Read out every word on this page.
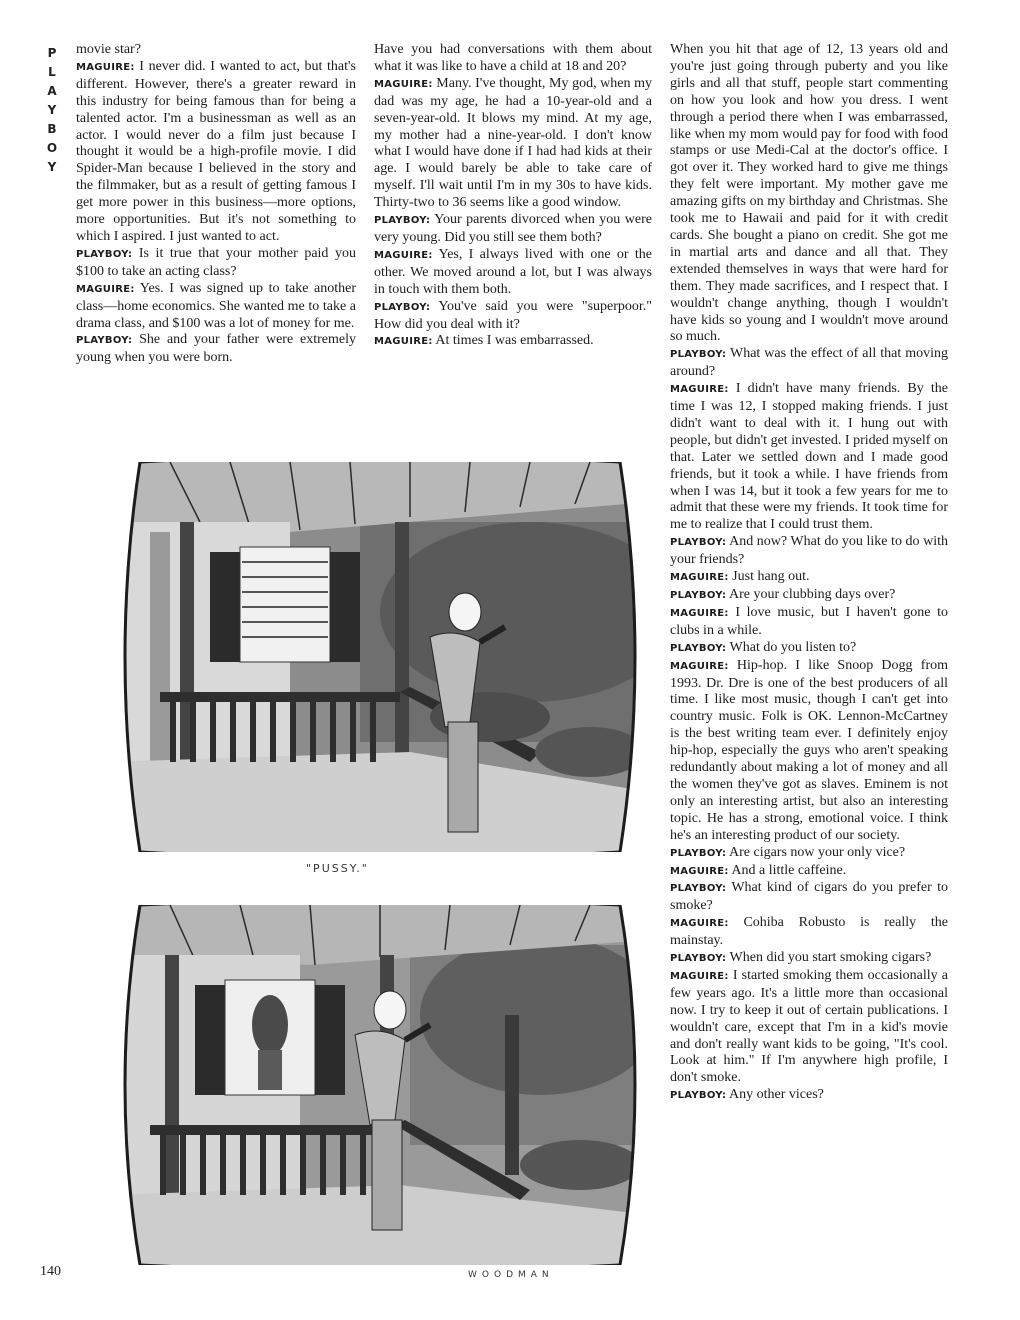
P
L
A
Y
B
O
Y

movie star?

MAGUIRE: I never did. I wanted to act, but that's different. However, there's a greater reward in this industry for being famous than for being a talented actor. I'm a businessman as well as an actor. I would never do a film just because I thought it would be a high-profile movie. I did Spider-Man because I believed in the story and the filmmaker, but as a result of getting famous I get more power in this business—more options, more opportunities. But it's not something to which I aspired. I just wanted to act.

PLAYBOY: Is it true that your mother paid you $100 to take an acting class?

MAGUIRE: Yes. I was signed up to take another class—home economics. She wanted me to take a drama class, and $100 was a lot of money for me.

PLAYBOY: She and your father were extremely young when you were born.

Have you had conversations with them about what it was like to have a child at 18 and 20?

MAGUIRE: Many. I've thought, My god, when my dad was my age, he had a 10-year-old and a seven-year-old. It blows my mind. At my age, my mother had a nine-year-old. I don't know what I would have done if I had had kids at their age. I would barely be able to take care of myself. I'll wait until I'm in my 30s to have kids. Thirty-two to 36 seems like a good window.

PLAYBOY: Your parents divorced when you were very young. Did you still see them both?

MAGUIRE: Yes, I always lived with one or the other. We moved around a lot, but I was always in touch with them both.

PLAYBOY: You've said you were "superpoor." How did you deal with it?

MAGUIRE: At times I was embarrassed.

When you hit that age of 12, 13 years old and you're just going through puberty and you like girls and all that stuff, people start commenting on how you look and how you dress. I went through a period there when I was embarrassed, like when my mom would pay for food with food stamps or use Medi-Cal at the doctor's office. I got over it. They worked hard to give me things they felt were important. My mother gave me amazing gifts on my birthday and Christmas. She took me to Hawaii and paid for it with credit cards. She bought a piano on credit. She got me in martial arts and dance and all that. They extended themselves in ways that were hard for them. They made sacrifices, and I respect that. I wouldn't change anything, though I wouldn't have kids so young and I wouldn't move around so much.

PLAYBOY: What was the effect of all that moving around?

MAGUIRE: I didn't have many friends. By the time I was 12, I stopped making friends. I just didn't want to deal with it. I hung out with people, but didn't get invested. I prided myself on that. Later we settled down and I made good friends, but it took a while. I have friends from when I was 14, but it took a few years for me to admit that these were my friends. It took time for me to realize that I could trust them.

PLAYBOY: And now? What do you like to do with your friends?

MAGUIRE: Just hang out.

PLAYBOY: Are your clubbing days over?

MAGUIRE: I love music, but I haven't gone to clubs in a while.

PLAYBOY: What do you listen to?

MAGUIRE: Hip-hop. I like Snoop Dogg from 1993. Dr. Dre is one of the best producers of all time. I like most music, though I can't get into country music. Folk is OK. Lennon-McCartney is the best writing team ever. I definitely enjoy hip-hop, especially the guys who aren't speaking redundantly about making a lot of money and all the women they've got as slaves. Eminem is not only an interesting artist, but also an interesting topic. He has a strong, emotional voice. I think he's an interesting product of our society.

PLAYBOY: Are cigars now your only vice?

MAGUIRE: And a little caffeine.

PLAYBOY: What kind of cigars do you prefer to smoke?

MAGUIRE: Cohiba Robusto is really the mainstay.

PLAYBOY: When did you start smoking cigars?

MAGUIRE: I started smoking them occasionally a few years ago. It's a little more than occasional now. I try to keep it out of certain publications. I wouldn't care, except that I'm in a kid's movie and don't really want kids to be going, "It's cool. Look at him." If I'm anywhere high profile, I don't smoke.

PLAYBOY: Any other vices?

"PUSSY."
WOODMAN
140
